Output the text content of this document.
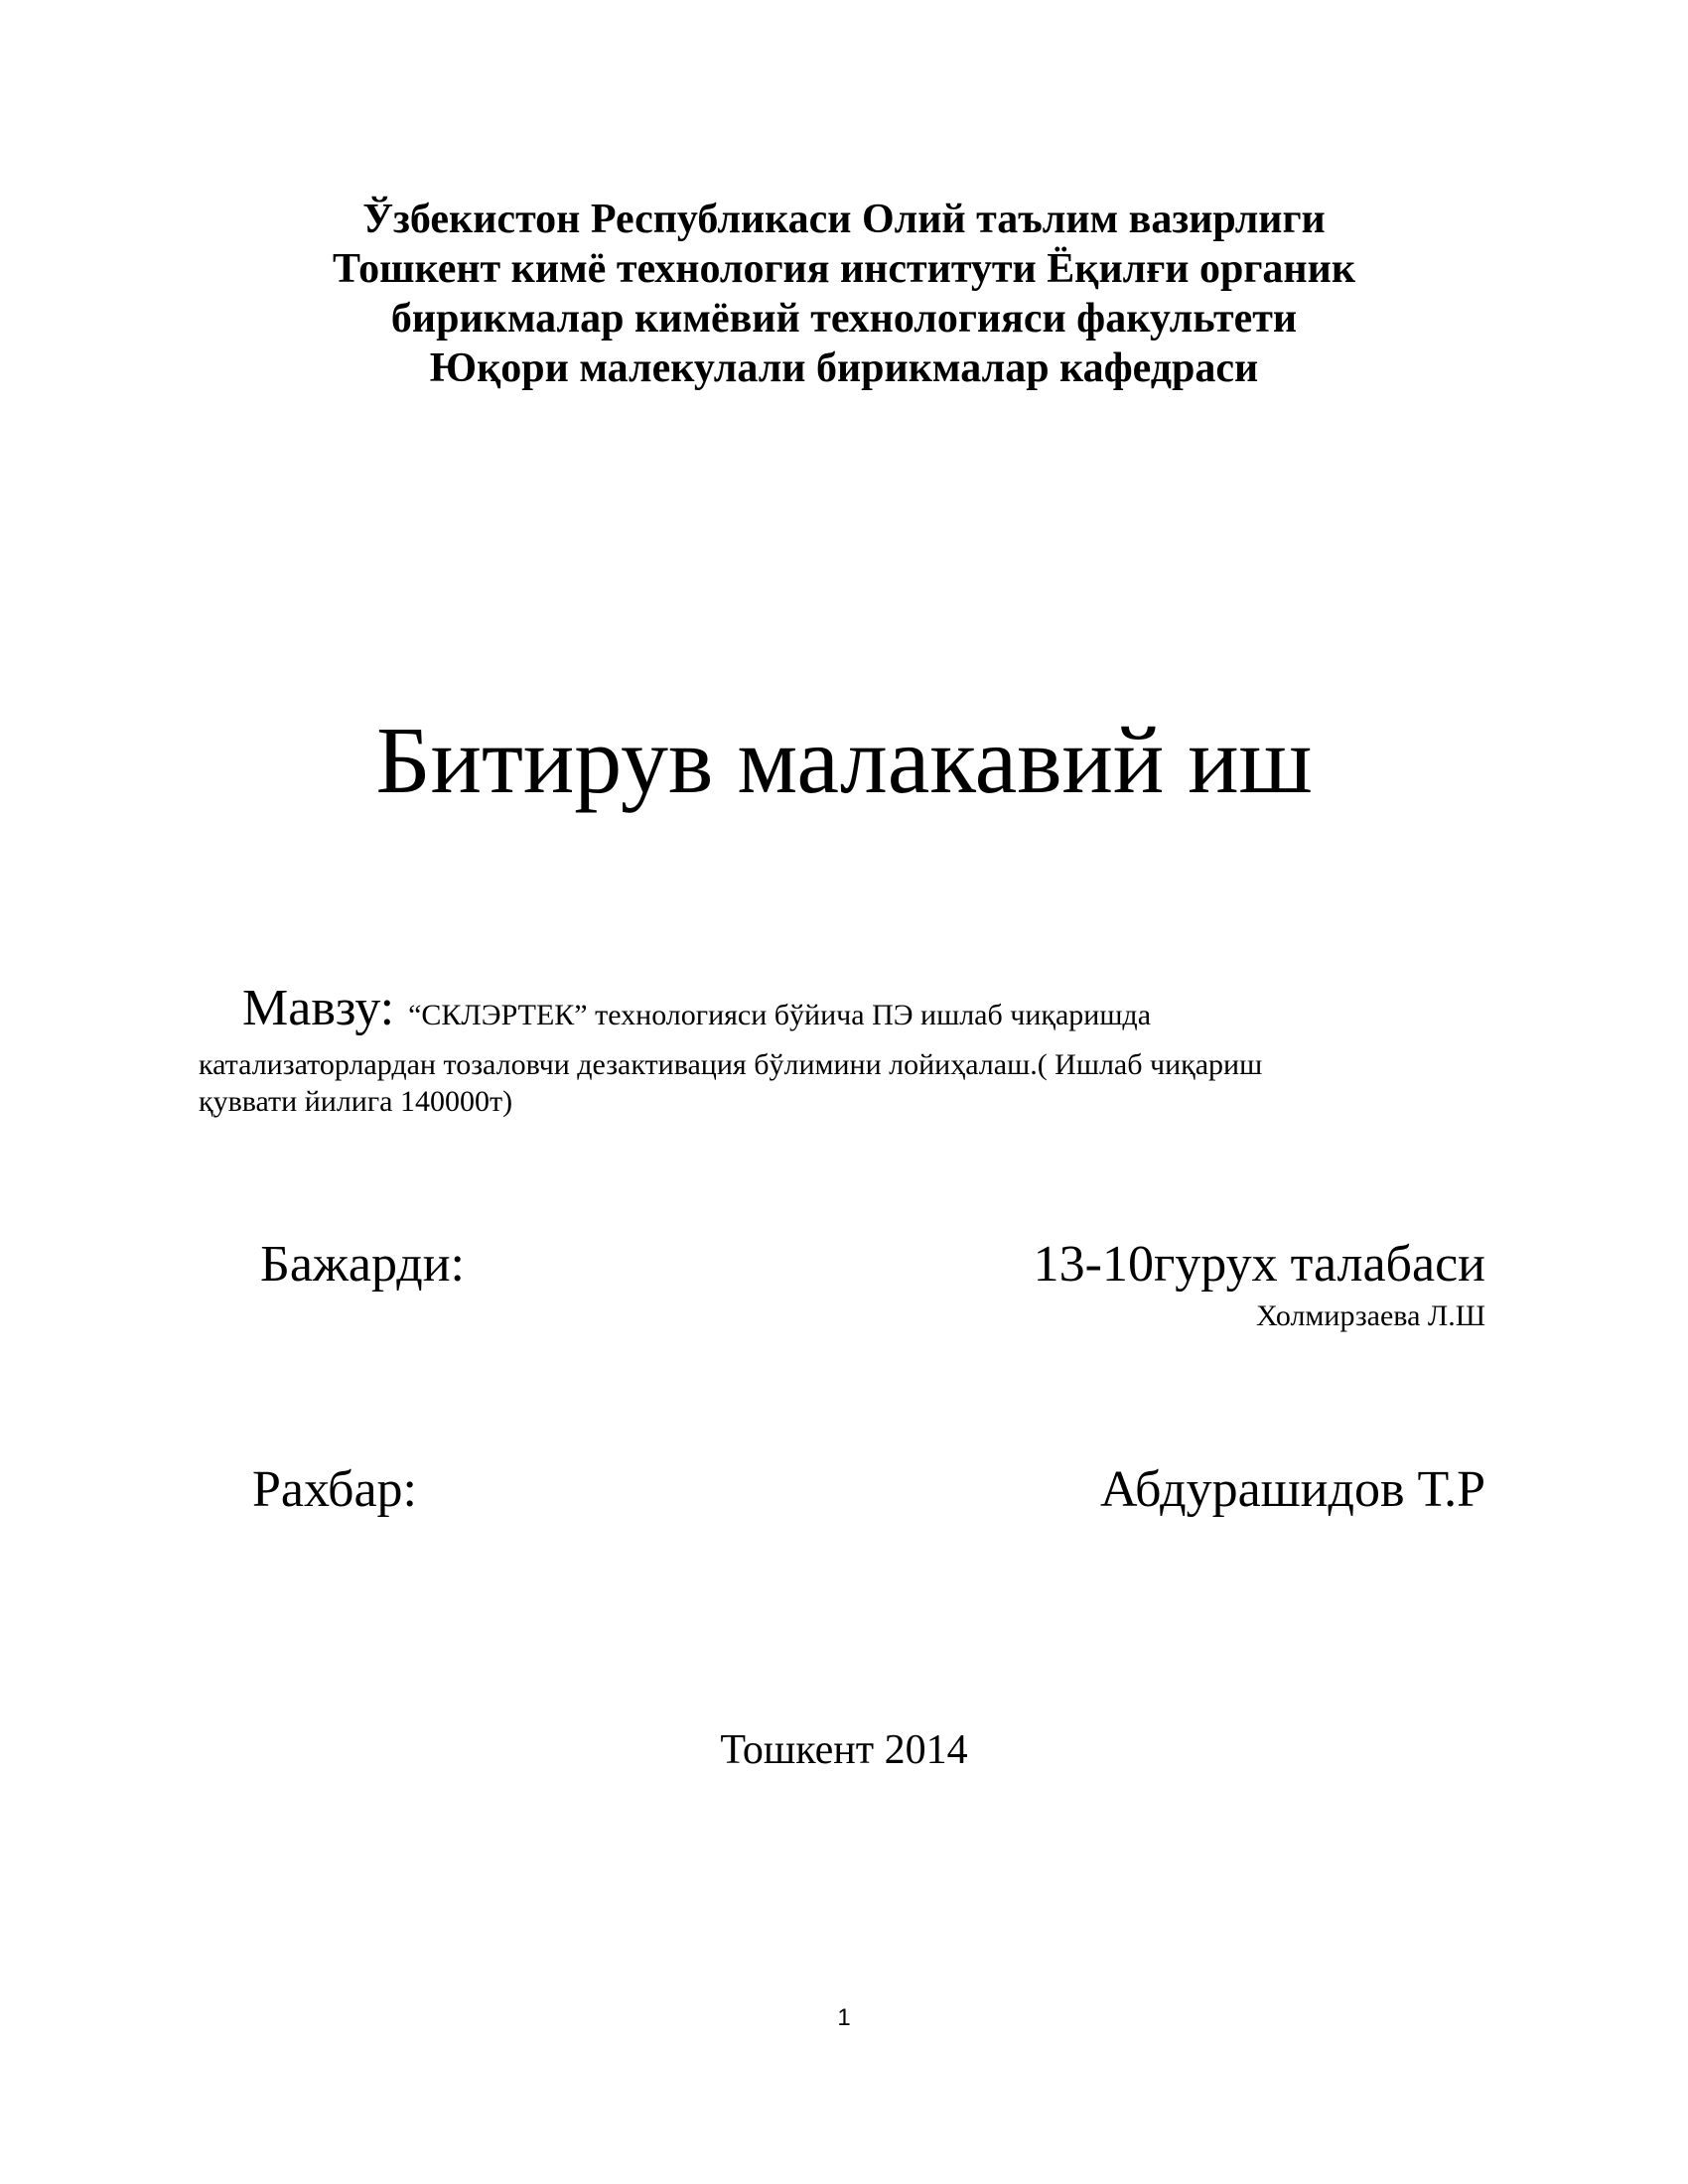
Ўзбекистон Республикаси Олий таълим вазирлиги
Тошкент кимё технология институти Ёқилғи органик
бирикмалар кимёвий технологияси факультети
Юқори малекулали бирикмалар кафедраси
Битирув малакавий иш
Мавзу: “СКЛЭРТЕК” технологияси бўйича ПЭ ишлаб чиқаришда
катализаторлардан тозаловчи дезактивация бўлимини лойиҳалаш.( Ишлаб чиқариш
қуввати йилига 140000т)
Бажарди:	13-10гурух талабаси
Холмирзаева Л.Ш
Рахбар:	Абдурашидов Т.Р
Тошкент 2014
1
